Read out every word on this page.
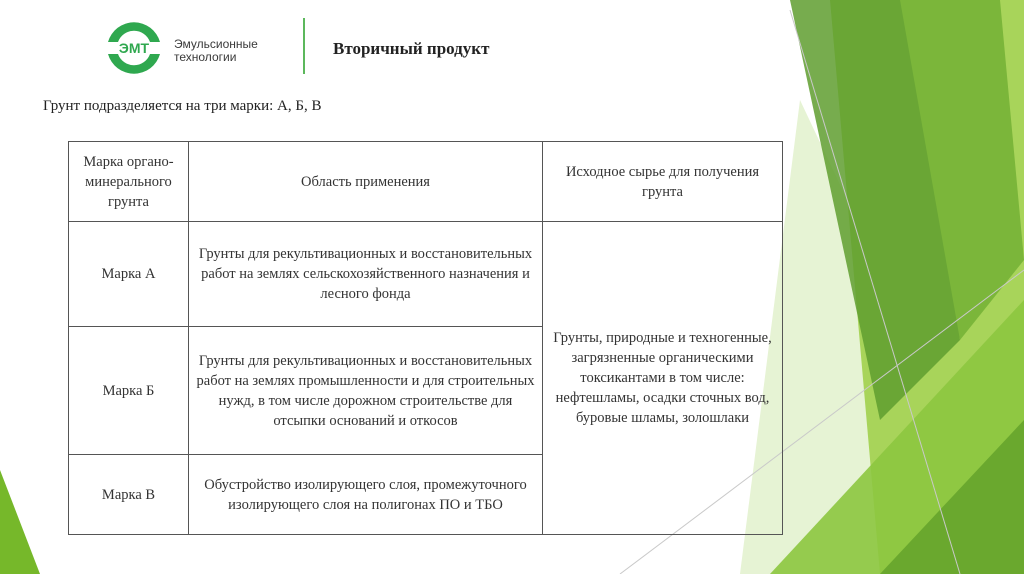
ЭМТ Эмульсионные
технологии	Вторичный продукт
Грунт подразделяется на три марки: А, Б, В
Марка органо-минерального грунта	Область применения	Исходное сырье для получения грунта
Марка А	Грунты для рекультивационных и восстановительных работ на землях сельскохозяйственного назначения и лесного фонда	Грунты, природные и техногенные, загрязненные органическими токсикантами в том числе: нефтешламы, осадки сточных вод, буровые шламы, золошлаки
Марка Б	Грунты для рекультивационных и восстановительных работ на землях промышленности и для строительных нужд, в том числе дорожном строительстве для отсыпки оснований и откосов	
Марка В	Обустройство изолирующего слоя, промежуточного изолирующего слоя на полигонах ПО и ТБО	
